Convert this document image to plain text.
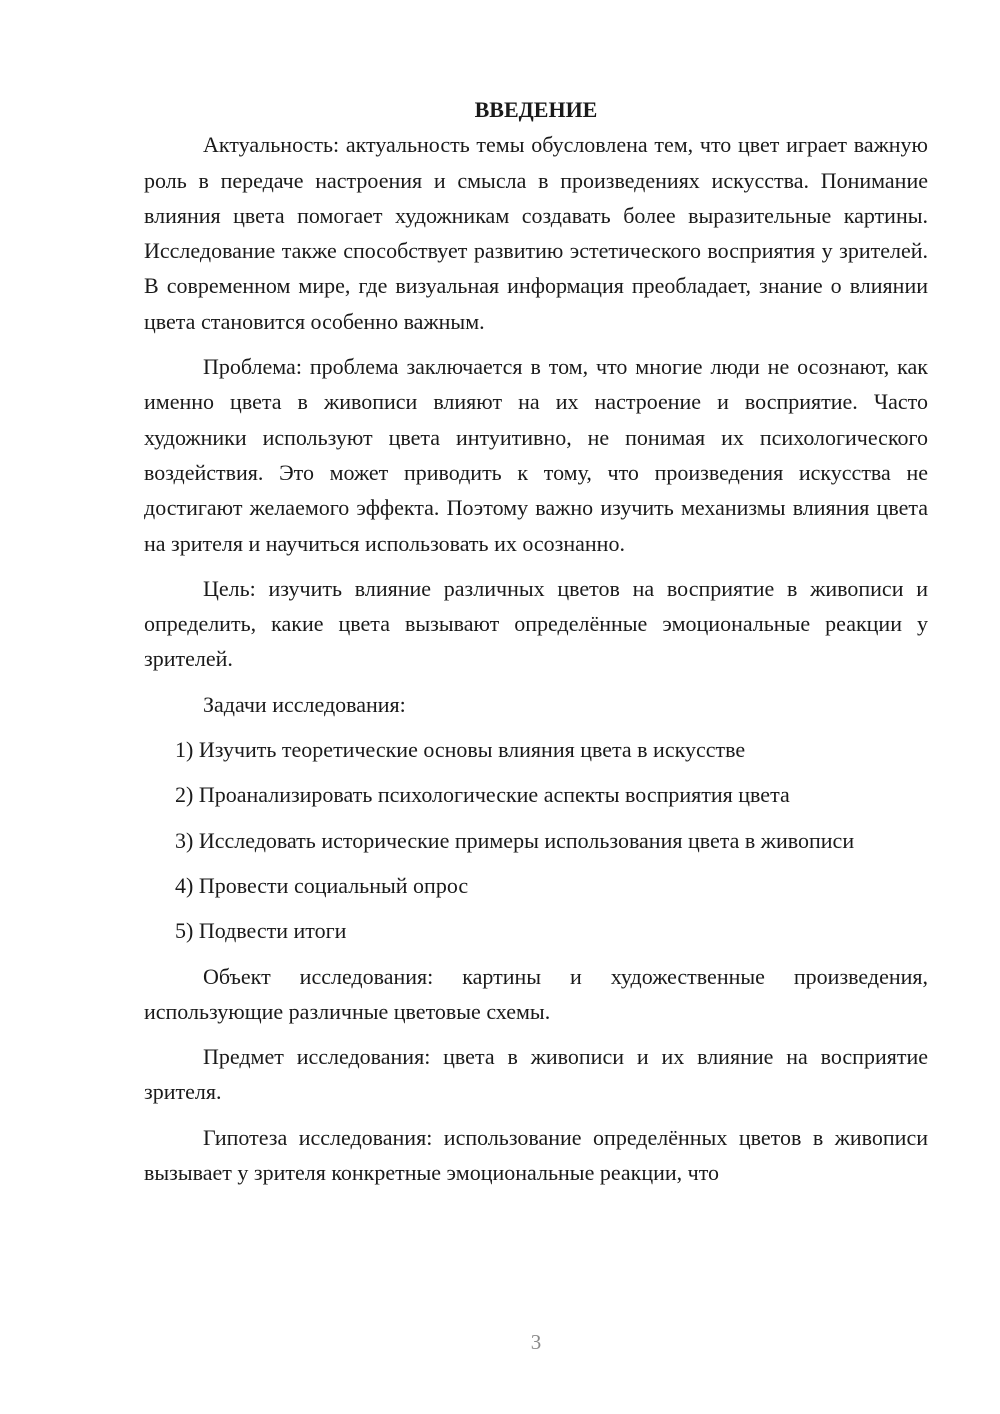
ВВЕДЕНИЕ

Актуальность: актуальность темы обусловлена тем, что цвет играет важную роль в передаче настроения и смысла в произведениях искусства. Понимание влияния цвета помогает художникам создавать более выразительные картины. Исследование также способствует развитию эстетического восприятия у зрителей. В современном мире, где визуальная информация преобладает, знание о влиянии цвета становится особенно важным.

Проблема: проблема заключается в том, что многие люди не осознают, как именно цвета в живописи влияют на их настроение и восприятие. Часто художники используют цвета интуитивно, не понимая их психологического воздействия. Это может приводить к тому, что произведения искусства не достигают желаемого эффекта. Поэтому важно изучить механизмы влияния цвета на зрителя и научиться использовать их осознанно.

Цель: изучить влияние различных цветов на восприятие в живописи и определить, какие цвета вызывают определённые эмоциональные реакции у зрителей.

Задачи исследования:

1) Изучить теоретические основы влияния цвета в искусстве

2) Проанализировать психологические аспекты восприятия цвета

3) Исследовать исторические примеры использования цвета в живописи

4) Провести социальный опрос

5) Подвести итоги

Объект исследования: картины и художественные произведения, использующие различные цветовые схемы.

Предмет исследования: цвета в живописи и их влияние на восприятие зрителя.

Гипотеза исследования: использование определённых цветов в живописи вызывает у зрителя конкретные эмоциональные реакции, что

3
